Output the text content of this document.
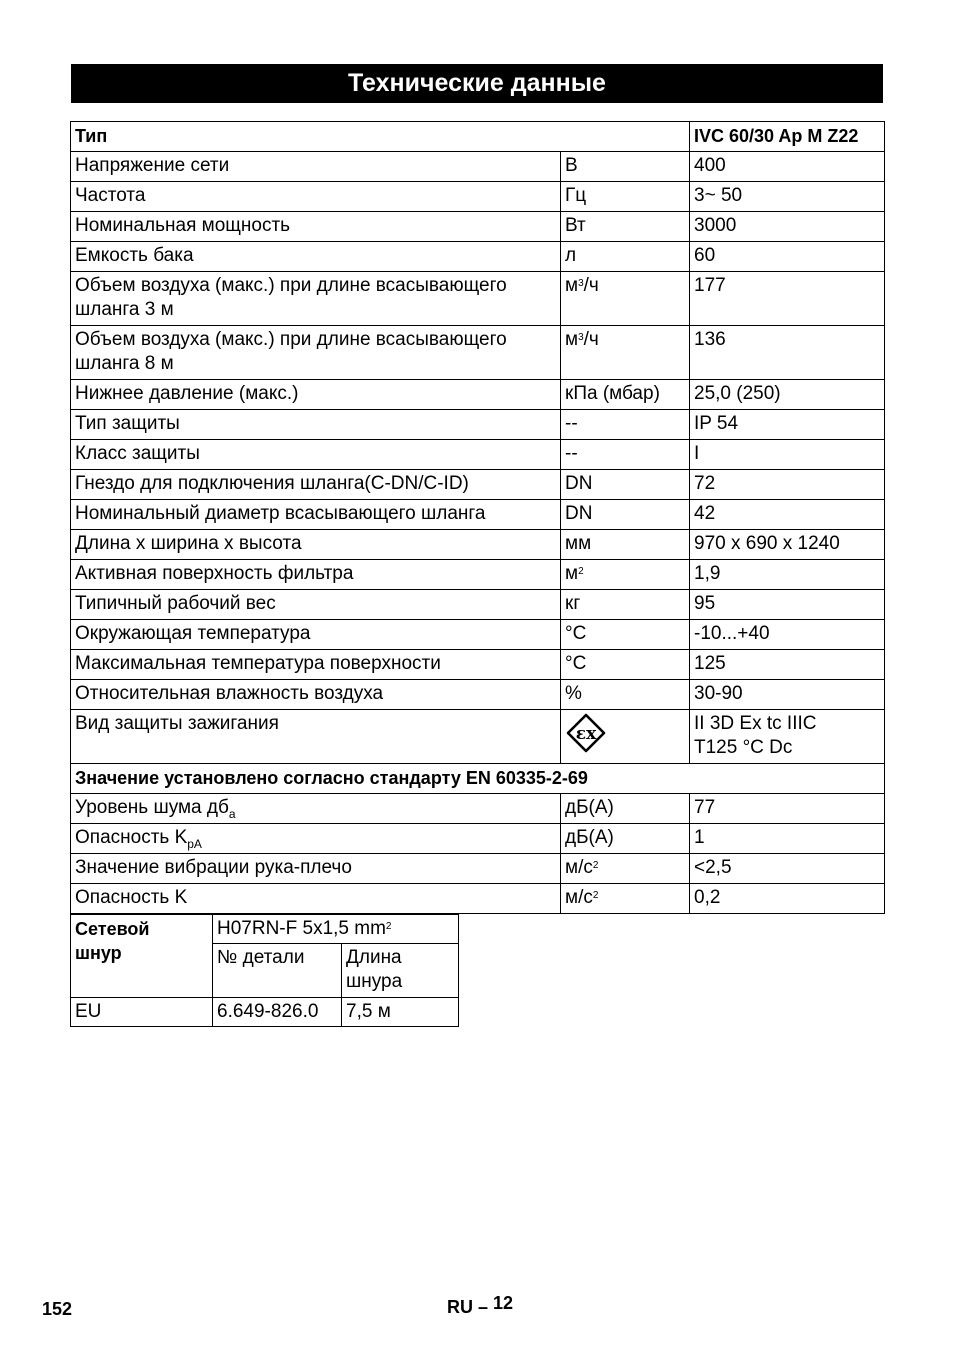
Технические данные
Тип		IVC 60/30 Ap M Z22
Напряжение сети	В	400
Частота	Гц	3~ 50
Номинальная мощность	Вт	3000
Емкость бака	л	60
Объем воздуха (макс.) при длине всасывающего
шланга 3 м	$м^3/ч$	177
Объем воздуха (макс.) при длине всасывающего
шланга 8 м	$м^3/ч$	136
Нижнее давление (макс.)	кПа (мбар)	25,0 (250)
Тип защиты	--	IP 54
Класс защиты	--	I
Гнездо для подключения шланга(C-DN/C-ID)	DN	72
Номинальный диаметр всасывающего шланга	DN	42
Длина х ширина х высота	мм	970 x 690 x 1240
Активная поверхность фильтра	$м^2$	1,9
Типичный рабочий вес	кг	95
Окружающая температура	°C	-10...+40
Максимальная температура поверхности	°C	125
Относительная влажность воздуха	%	30-90
Вид защиты зажигания	εx	II 3D Ex tc IIIC
T125 °C Dc
Значение установлено согласно стандарту EN 60335-2-69		
Уровень шума $дб_a$	дБ(А)	77
Опасность $K_{pA}$	дБ(А)	1
Значение вибрации рука-плечо	$м/с^2$	<2,5
Опасность K	$м/с^2$	0,2
Сетевой
шнур	H07RN-F 5x1,5 $mm^2$
	№ детали	Длина
шнура
EU	6.649-826.0	7,5 м
152	RU – 12
